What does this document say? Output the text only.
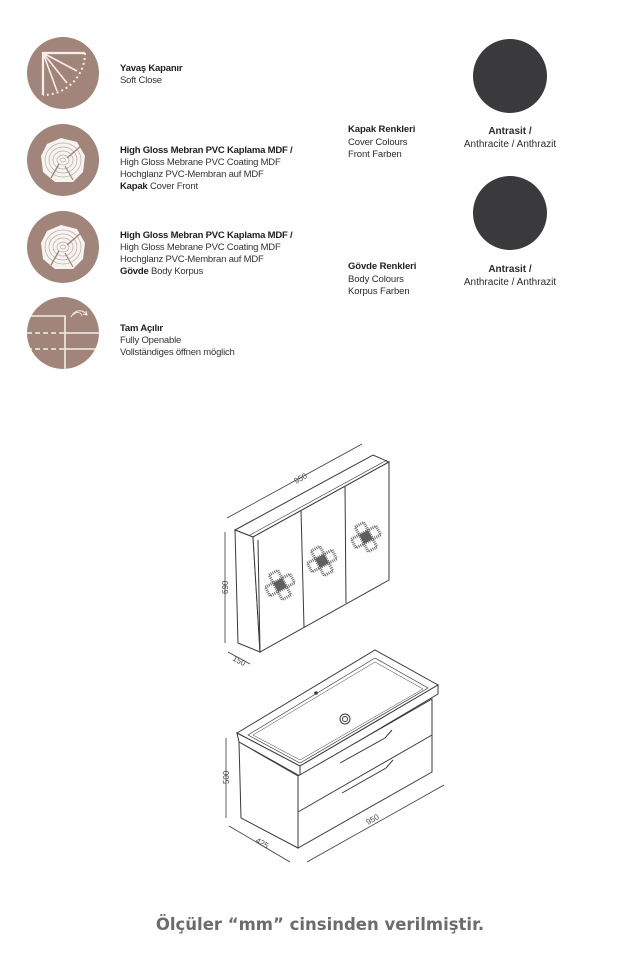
Yavaş Kapanır
Soft Close
High Gloss Mebran PVC Kaplama MDF /
High Gloss Mebrane PVC Coating MDF
Hochglanz PVC-Membran auf MDF
Kapak Cover Front
High Gloss Mebran PVC Kaplama MDF /
High Gloss Mebrane PVC Coating MDF
Hochglanz PVC-Membran auf MDF
Gövde Body Korpus
Tam Açılır
Fully Openable
Vollständiges öffnen möglich
Kapak Renkleri
Cover Colours
Front Farben
Antrasit /
Anthracite / Anthrazit
Gövde Renkleri
Body Colours
Korpus Farben
Antrasit /
Anthracite / Anthrazit
950
690
150
500
425
950
Ölçüler “mm” cinsinden verilmiştir.
